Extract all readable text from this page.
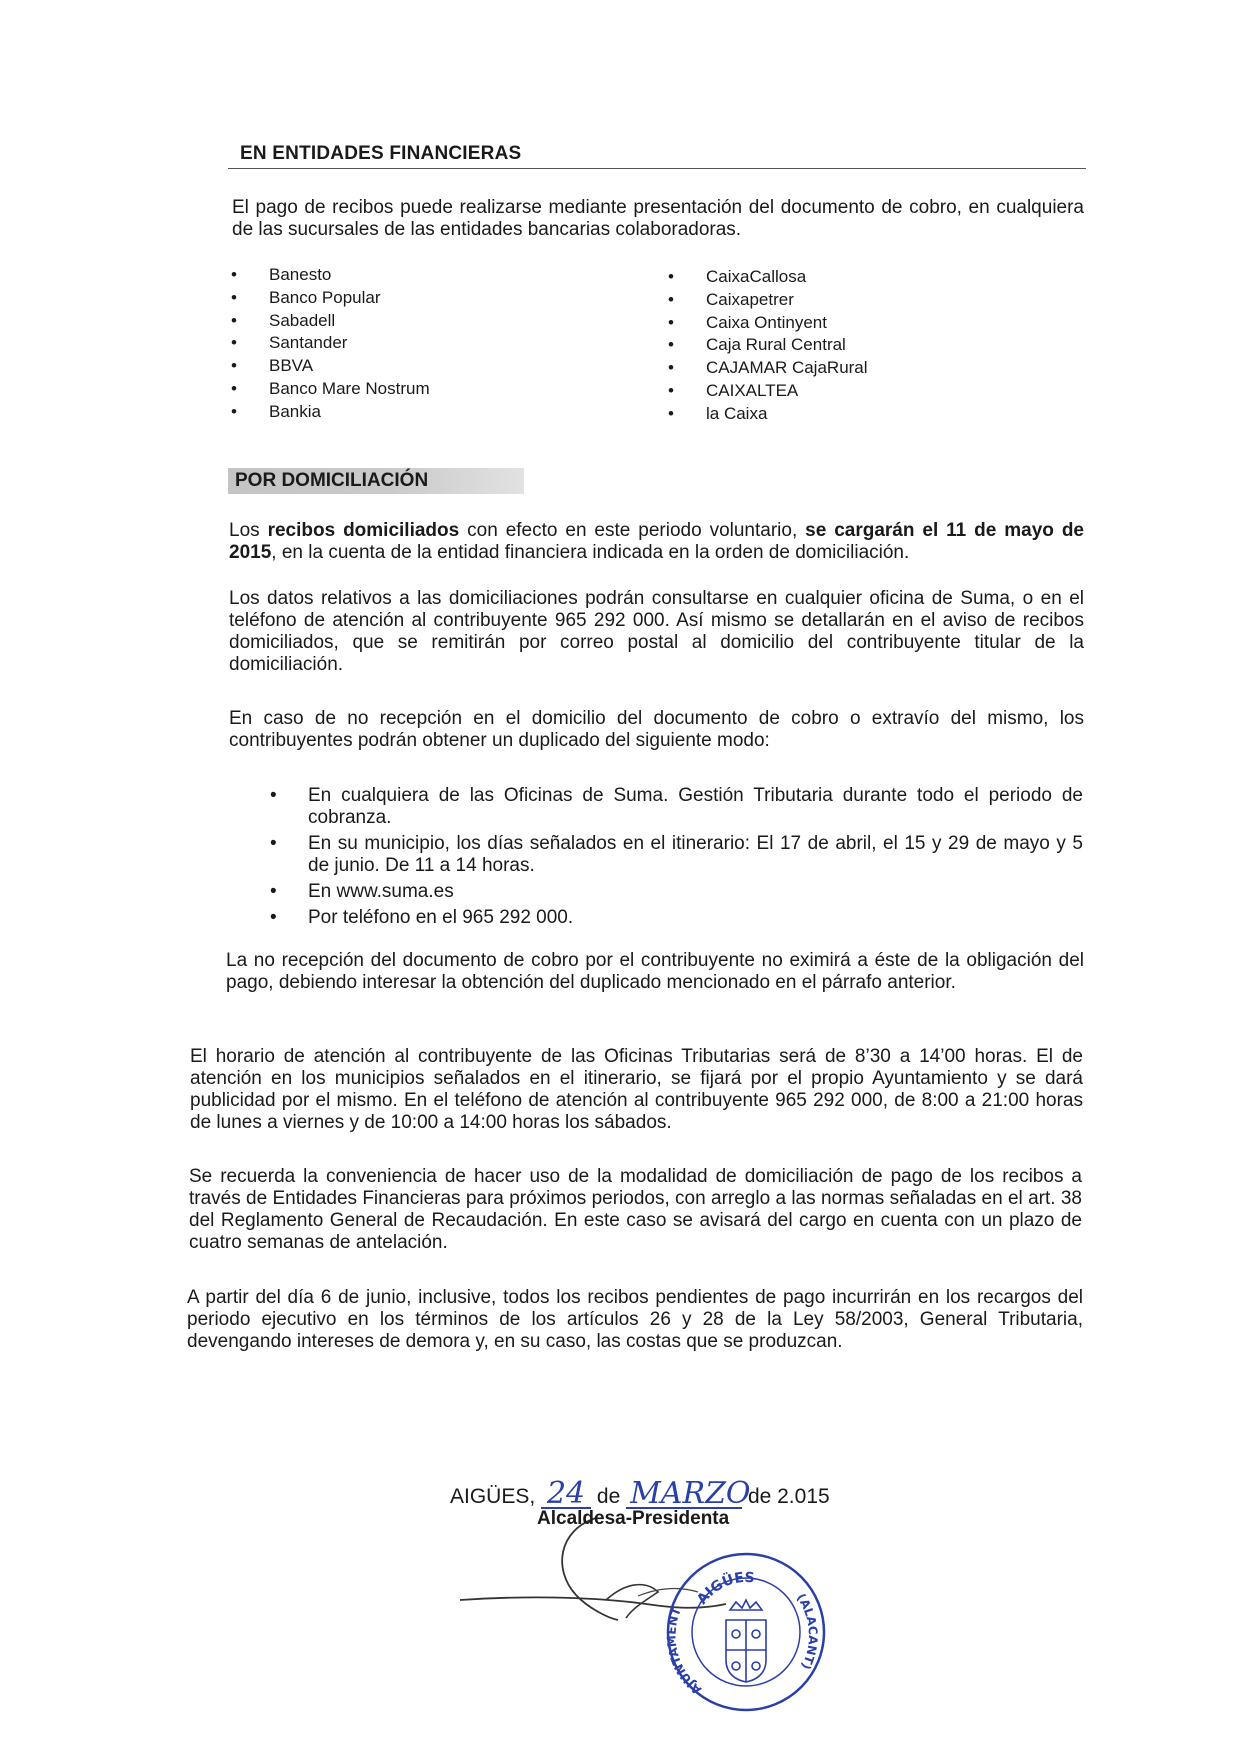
EN ENTIDADES FINANCIERAS
El pago de recibos puede realizarse mediante presentación del documento de cobro, en cualquiera de las sucursales de las entidades bancarias colaboradoras.
• Banesto
• Banco Popular
• Sabadell
• Santander
• BBVA
• Banco Mare Nostrum
• Bankia
• CaixaCallosa
• Caixapetrer
• Caixa Ontinyent
• Caja Rural Central
• CAJAMAR CajaRural
• CAIXALTEA
• la Caixa
POR DOMICILIACIÓN
Los recibos domiciliados con efecto en este periodo voluntario, se cargarán el 11 de mayo de 2015, en la cuenta de la entidad financiera indicada en la orden de domiciliación.
Los datos relativos a las domiciliaciones podrán consultarse en cualquier oficina de Suma, o en el teléfono de atención al contribuyente 965 292 000. Así mismo se detallarán en el aviso de recibos domiciliados, que se remitirán por correo postal al domicilio del contribuyente titular de la domiciliación.
En caso de no recepción en el domicilio del documento de cobro o extravío del mismo, los contribuyentes podrán obtener un duplicado del siguiente modo:
• En cualquiera de las Oficinas de Suma. Gestión Tributaria durante todo el periodo de cobranza.
• En su municipio, los días señalados en el itinerario: El 17 de abril, el 15 y 29 de mayo y 5 de junio. De 11 a 14 horas.
• En www.suma.es
• Por teléfono en el 965 292 000.
La no recepción del documento de cobro por el contribuyente no eximirá a éste de la obligación del pago, debiendo interesar la obtención del duplicado mencionado en el párrafo anterior.
El horario de atención al contribuyente de las Oficinas Tributarias será de 8’30 a 14’00 horas. El de atención en los municipios señalados en el itinerario, se fijará por el propio Ayuntamiento y se dará publicidad por el mismo. En el teléfono de atención al contribuyente 965 292 000, de 8:00 a 21:00 horas de lunes a viernes y de 10:00 a 14:00 horas los sábados.
Se recuerda la conveniencia de hacer uso de la modalidad de domiciliación de pago de los recibos a través de Entidades Financieras para próximos periodos, con arreglo a las normas señaladas en el art. 38 del Reglamento General de Recaudación. En este caso se avisará del cargo en cuenta con un plazo de cuatro semanas de antelación.
A partir del día 6 de junio, inclusive, todos los recibos pendientes de pago incurrirán en los recargos del periodo ejecutivo en los términos de los artículos 26 y 28 de la Ley 58/2003, General Tributaria, devengando intereses de demora y, en su caso, las costas que se produzcan.
AIGÜES, 24 de MARZO de 2.015
AIGÜES
AJUNTAMENT
(ALACANT)
Alcaldesa-Presidenta
